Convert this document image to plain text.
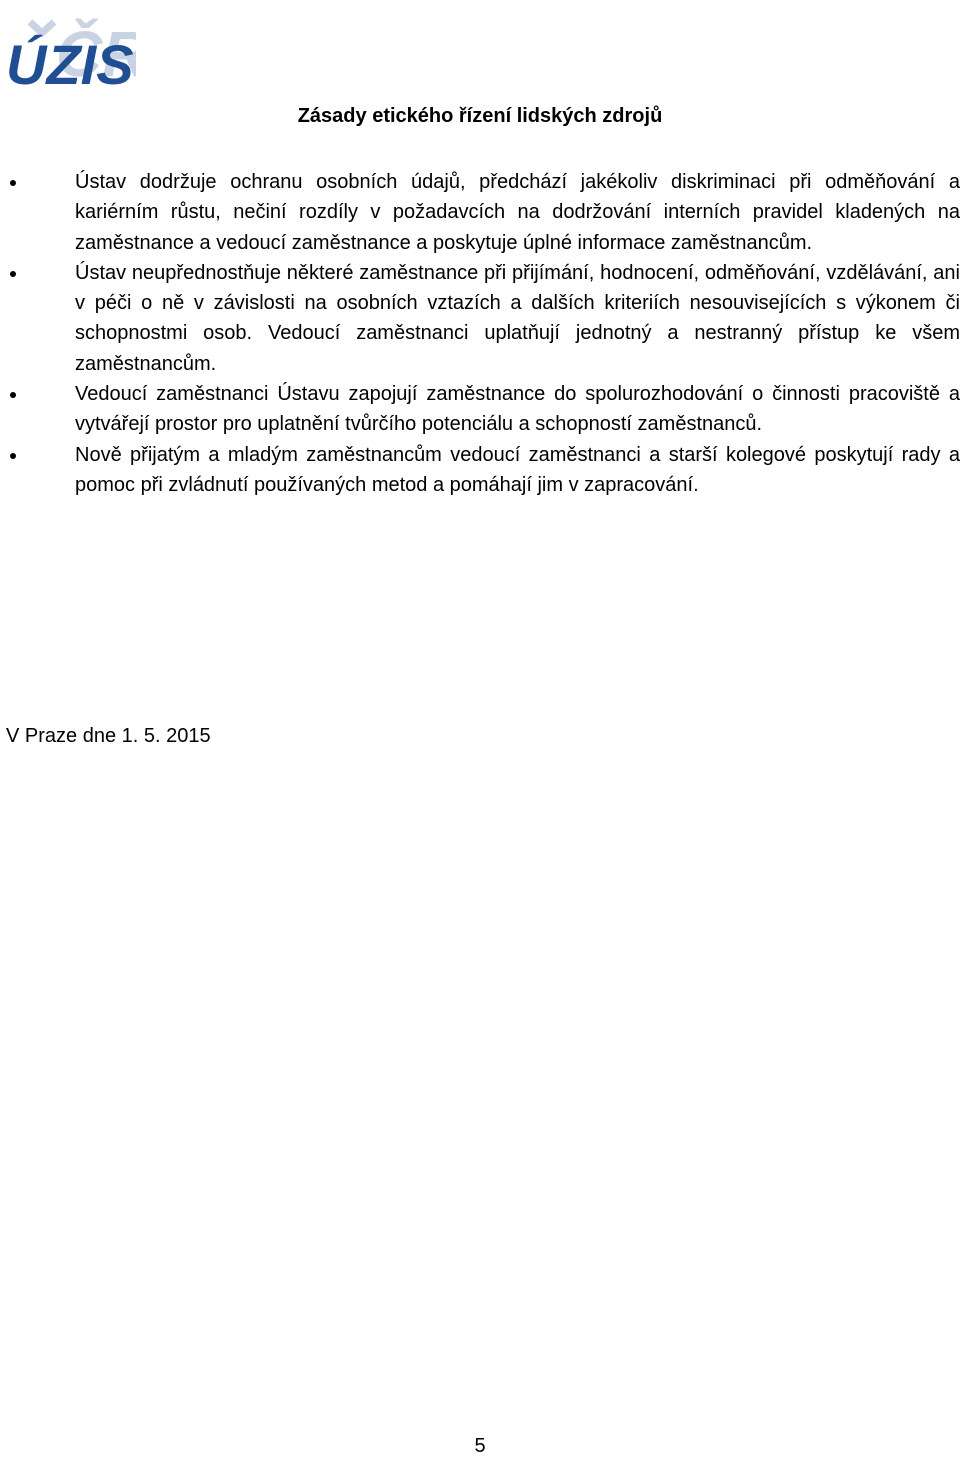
Č
ÚZIS
Zásady etického řízení lidských zdrojů
Ústav dodržuje ochranu osobních údajů, předchází jakékoliv diskriminaci při odměňování a kariérním růstu, nečiní rozdíly v požadavcích na dodržování interních pravidel kladených na zaměstnance a vedoucí zaměstnance a poskytuje úplné informace zaměstnancům.
Ústav neupřednostňuje některé zaměstnance při přijímání, hodnocení, odměňování, vzdělávání, ani v péči o ně v závislosti na osobních vztazích a dalších kriteriích nesouvisejících s výkonem či schopnostmi osob. Vedoucí zaměstnanci uplatňují jednotný a nestranný přístup ke všem zaměstnancům.
Vedoucí zaměstnanci Ústavu zapojují zaměstnance do spolurozhodování o činnosti pracoviště a vytvářejí prostor pro uplatnění tvůrčího potenciálu a schopností zaměstnanců.
Nově přijatým a mladým zaměstnancům vedoucí zaměstnanci a starší kolegové poskytují rady a pomoc při zvládnutí používaných metod a pomáhají jim v zapracování.

V Praze dne 1. 5. 2015

5
